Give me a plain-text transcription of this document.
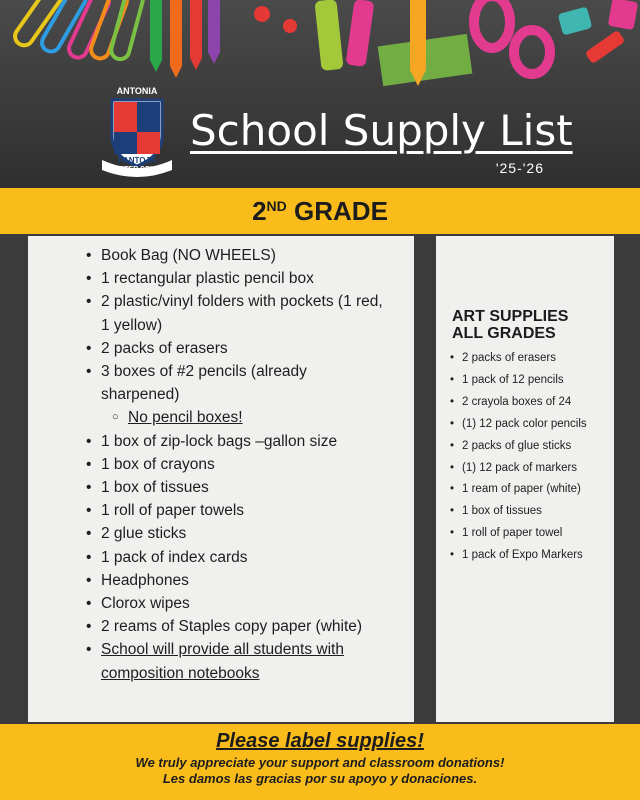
ANTONIA
PANTOJA
CHARTER SCHOOL
School Supply List
'25-'26
2ND GRADE
• Book Bag (NO WHEELS)
• 1 rectangular plastic pencil box
• 2 plastic/vinyl folders with pockets (1 red, 1 yellow)
• 2 packs of erasers
• 3 boxes of #2 pencils (already sharpened)
○ No pencil boxes!
• 1 box of zip-lock bags –gallon size
• 1 box of crayons
• 1 box of tissues
• 1 roll of paper towels
• 2 glue sticks
• 1 pack of index cards
• Headphones
• Clorox wipes
• 2 reams of Staples copy paper (white)
• School will provide all students with composition notebooks
ART SUPPLIES ALL GRADES
• 2 packs of erasers
• 1 pack of 12 pencils
• 2 crayola boxes of 24
• (1) 12 pack color pencils
• 2 packs of glue sticks
• (1) 12 pack of markers
• 1 ream of paper (white)
• 1 box of tissues
• 1 roll of paper towel
• 1 pack of Expo Markers
Please label supplies!
We truly appreciate your support and classroom donations!
Les damos las gracias por su apoyo y donaciones.
